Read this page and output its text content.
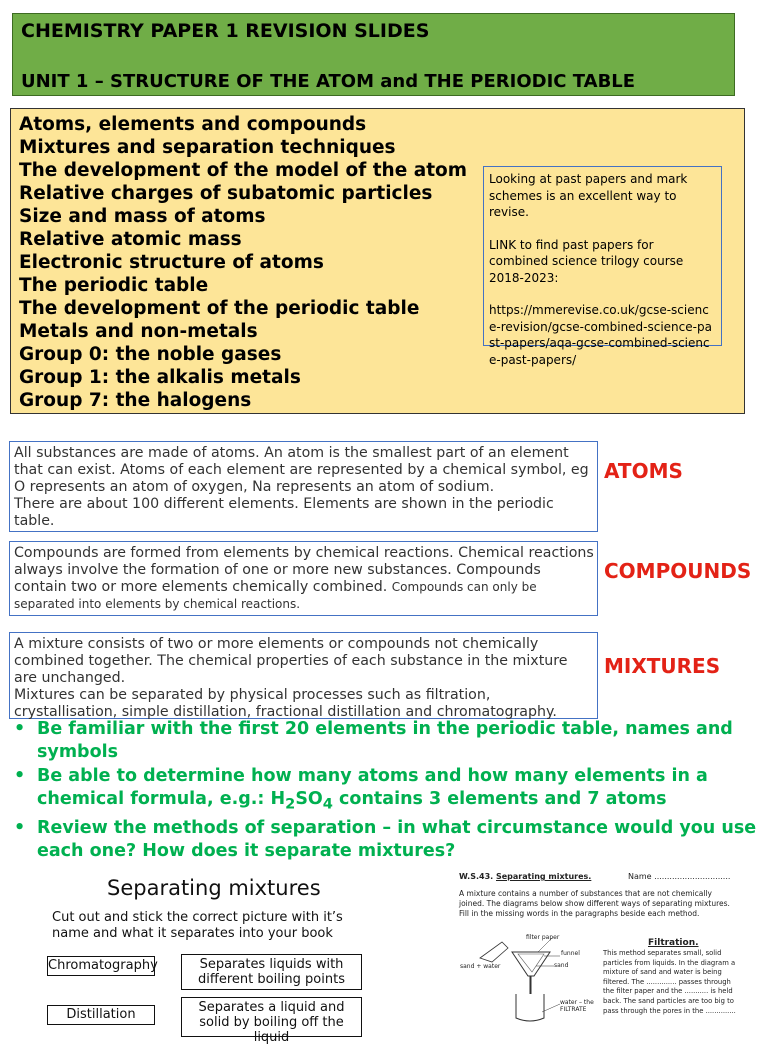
CHEMISTRY PAPER 1 REVISION SLIDES
UNIT 1 – STRUCTURE OF THE ATOM and THE PERIODIC TABLE
Atoms, elements and compounds
Mixtures and separation techniques
The development of the model of the atom
Relative charges of subatomic particles
Size and mass of atoms
Relative atomic mass
Electronic structure of atoms
The periodic table
The development of the periodic table
Metals and non-metals
Group 0: the noble gases
Group 1: the alkalis metals
Group 7: the halogens

Looking at past papers and mark schemes is an excellent way to revise.

LINK to find past papers for combined science trilogy course 2018-2023:

https://mmerevise.co.uk/gcse-science-revision/gcse-combined-science-past-papers/aqa-gcse-combined-science-past-papers/

All substances are made of atoms. An atom is the smallest part of an element that can exist. Atoms of each element are represented by a chemical symbol, eg O represents an atom of oxygen, Na represents an atom of sodium.

There are about 100 different elements. Elements are shown in the periodic table.

ATOMS

Compounds are formed from elements by chemical reactions. Chemical reactions always involve the formation of one or more new substances. Compounds contain two or more elements chemically combined. Compounds can only be separated into elements by chemical reactions.

COMPOUNDS

A mixture consists of two or more elements or compounds not chemically combined together. The chemical properties of each substance in the mixture are unchanged.

Mixtures can be separated by physical processes such as filtration, crystallisation, simple distillation, fractional distillation and chromatography.

MIXTURES
• Be familiar with the first 20 elements in the periodic table, names and symbols
• Be able to determine how many atoms and how many elements in a chemical formula, e.g.: $H_2SO_4$ contains 3 elements and 7 atoms
• Review the methods of separation – in what circumstance would you use each one? How does it separate mixtures?
Separating mixtures
Cut out and stick the correct picture with it’s name and what it separates into your book
Chromatography
Distillation
Separates liquids with different boiling points
Separates a liquid and solid by boiling off the liquid
W.S.43. Separating mixtures.	Name ..............................
A mixture contains a number of substances that are not chemically joined. The diagrams below show different ways of separating mixtures. Fill in the missing words in the paragraphs beside each method.
Filtration.
This method separates small, solid particles from liquids. In the diagram a mixture of sand and water is being filtered. The .............. passes through the filter paper and the ........... is held back. The sand particles are too big to pass through the pores in the ..............
filter paper
funnel
sand
sand + water
water – the
FILTRATE
